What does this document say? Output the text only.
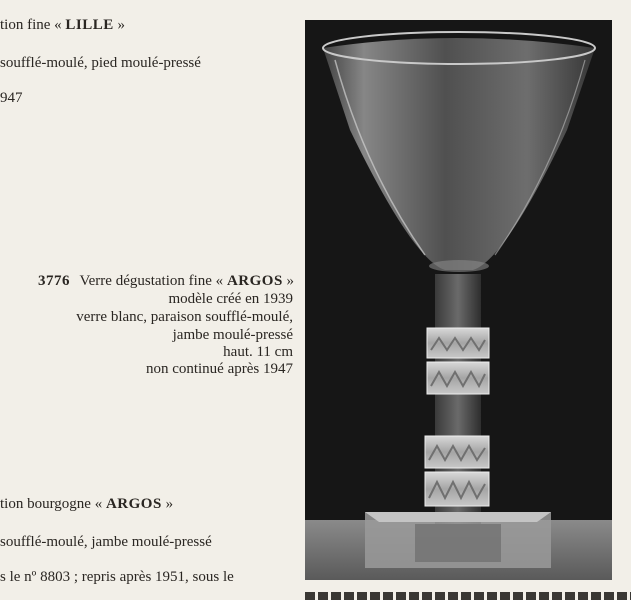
tion fine « LILLE »
soufflé-moulé, pied moulé-pressé
947
3776 Verre dégustation fine « ARGOS »
modèle créé en 1939
verre blanc, paraison soufflé-moulé,
jambe moulé-pressé
haut. 11 cm
non continué après 1947
tion bourgogne « ARGOS »
soufflé-moulé, jambe moulé-pressé
s le nº 8803 ; repris après 1951, sous le
